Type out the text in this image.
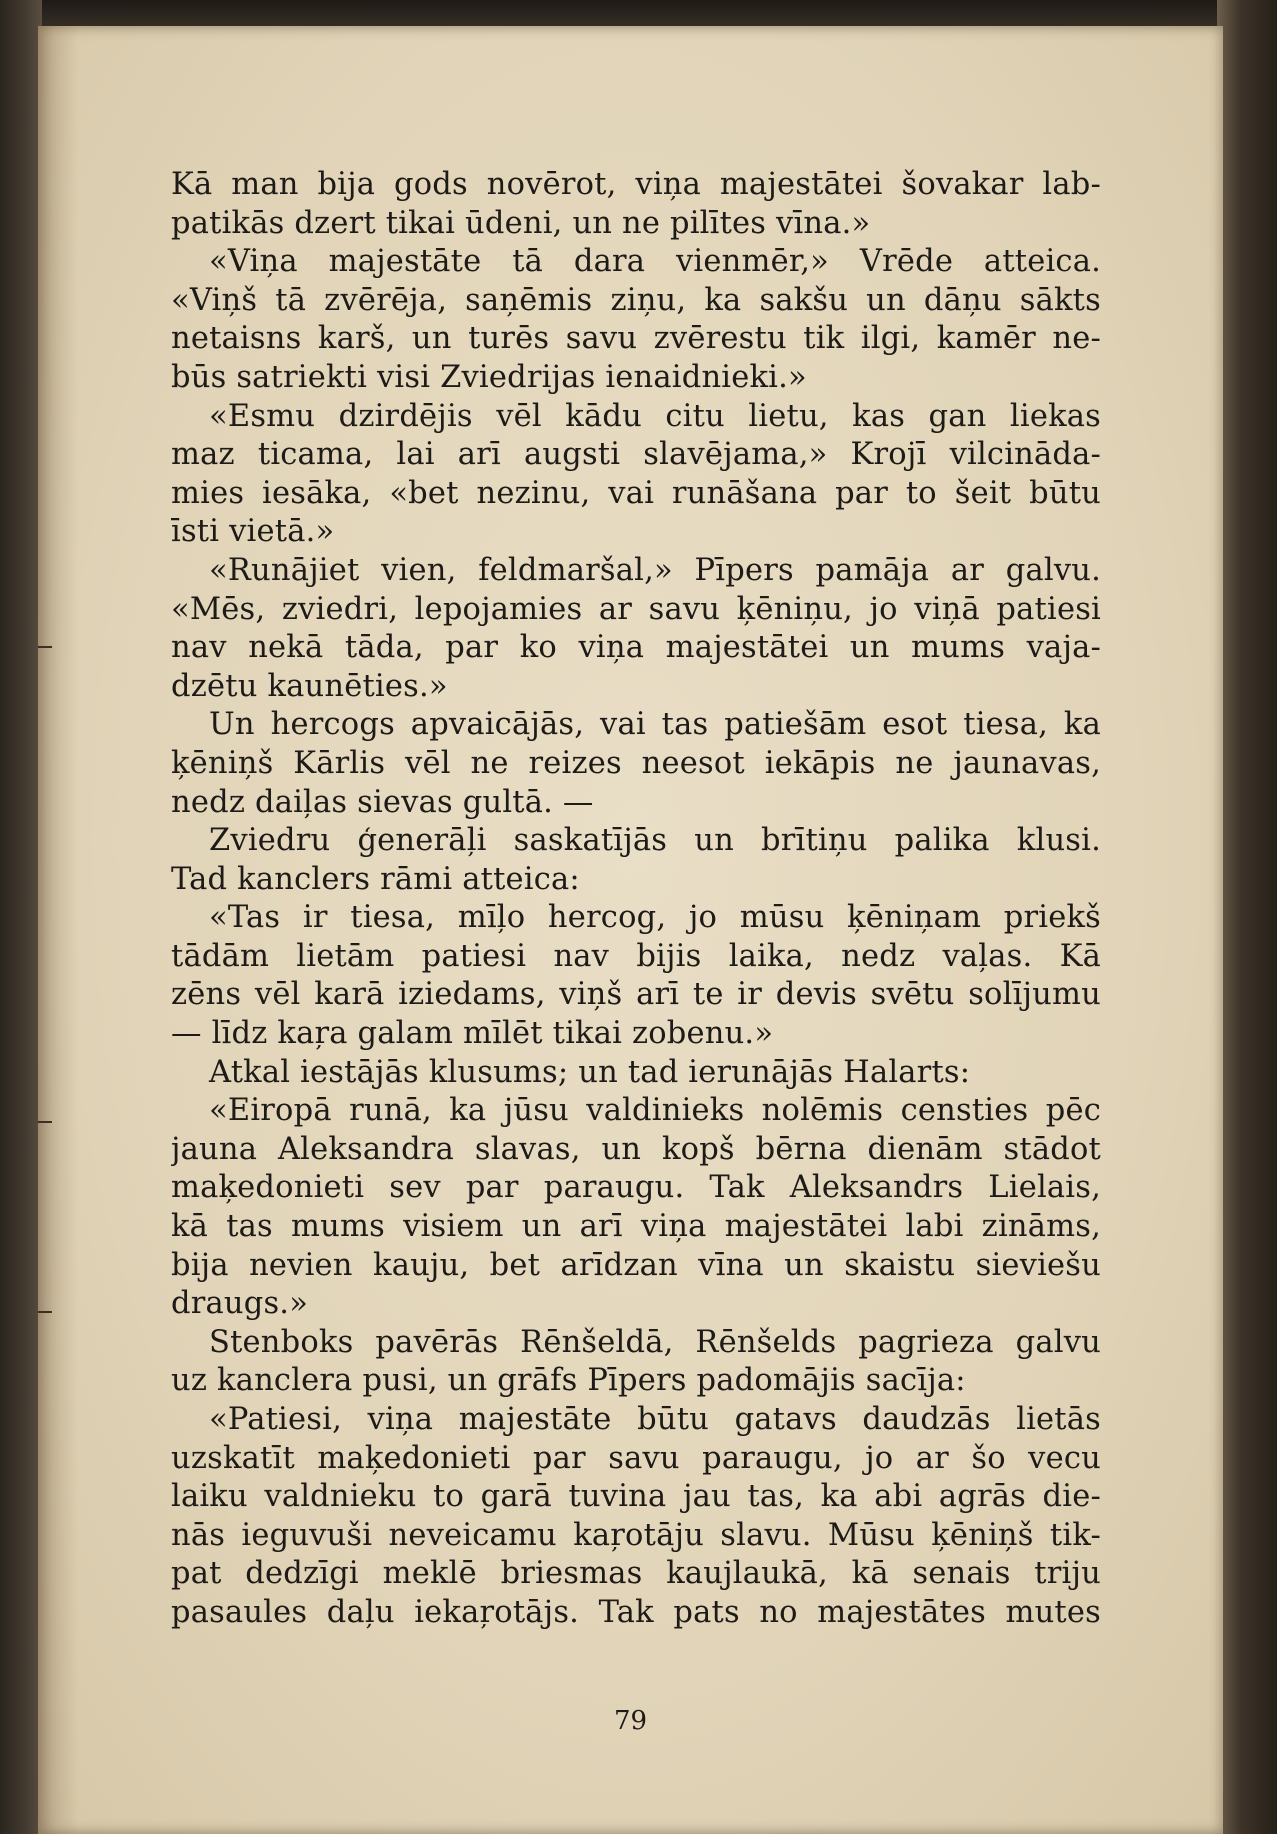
Kā man bija gods novērot, viņa majestātei šovakar lab-
patikās dzert tikai ūdeni, un ne pilītes vīna.»
«Viņa majestāte tā dara vienmēr,» Vrēde atteica.
«Viņš tā zvērēja, saņēmis ziņu, ka sakšu un dāņu sākts
netaisns karš, un turēs savu zvērestu tik ilgi, kamēr ne-
būs satriekti visi Zviedrijas ienaidnieki.»
«Esmu dzirdējis vēl kādu citu lietu, kas gan liekas
maz ticama, lai arī augsti slavējama,» Krojī vilcināda-
mies iesāka, «bet nezinu, vai runāšana par to šeit būtu
īsti vietā.»
«Runājiet vien, feldmaršal,» Pīpers pamāja ar galvu.
«Mēs, zviedri, lepojamies ar savu ķēniņu, jo viņā patiesi
nav nekā tāda, par ko viņa majestātei un mums vaja-
dzētu kaunēties.»
Un hercogs apvaicājās, vai tas patiešām esot tiesa, ka
ķēniņš Kārlis vēl ne reizes neesot iekāpis ne jaunavas,
nedz daiļas sievas gultā. —
Zviedru ģenerāļi saskatījās un brītiņu palika klusi.
Tad kanclers rāmi atteica:
«Tas ir tiesa, mīļo hercog, jo mūsu ķēniņam priekš
tādām lietām patiesi nav bijis laika, nedz vaļas. Kā
zēns vēl karā iziedams, viņš arī te ir devis svētu solījumu
— līdz kaŗa galam mīlēt tikai zobenu.»
Atkal iestājās klusums; un tad ierunājās Halarts:
«Eiropā runā, ka jūsu valdinieks nolēmis censties pēc
jauna Aleksandra slavas, un kopš bērna dienām stādot
maķedonieti sev par paraugu. Tak Aleksandrs Lielais,
kā tas mums visiem un arī viņa majestātei labi zināms,
bija nevien kauju, bet arīdzan vīna un skaistu sieviešu
draugs.»
Stenboks pavērās Rēnšeldā, Rēnšelds pagrieza galvu
uz kanclera pusi, un grāfs Pīpers padomājis sacīja:
«Patiesi, viņa majestāte būtu gatavs daudzās lietās
uzskatīt maķedonieti par savu paraugu, jo ar šo vecu
laiku valdnieku to garā tuvina jau tas, ka abi agrās die-
nās ieguvuši neveicamu kaŗotāju slavu. Mūsu ķēniņš tik-
pat dedzīgi meklē briesmas kaujlaukā, kā senais triju
pasaules daļu iekaŗotājs. Tak pats no majestātes mutes
79
